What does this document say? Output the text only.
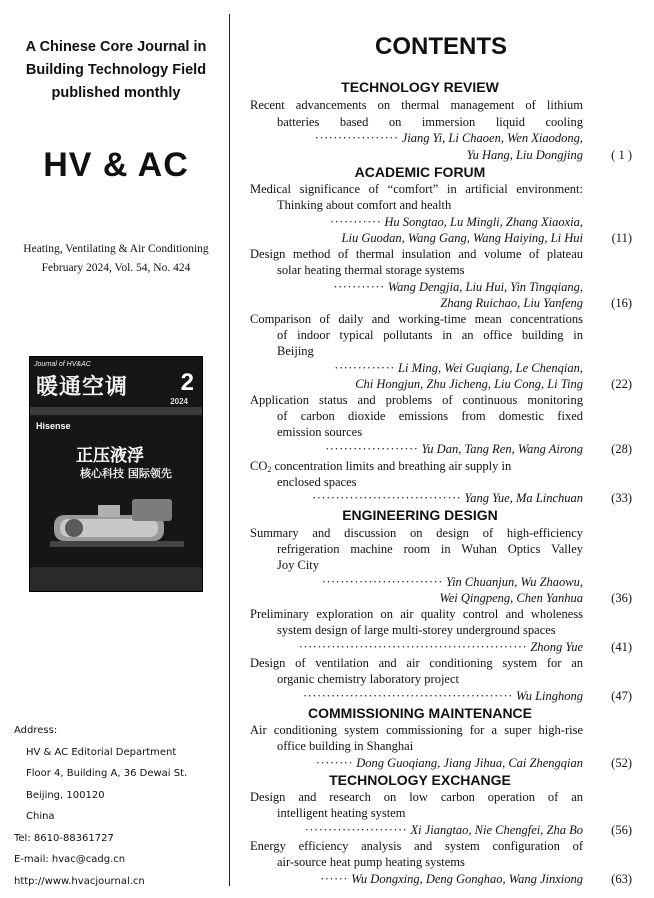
A Chinese Core Journal in
Building Technology Field
published monthly
HV & AC
Heating, Ventilating & Air Conditioning
February 2024, Vol. 54, No. 424
Journal of HV&AC
暖通空调 2
2024
Hisense
正压液浮
核心科技 国际领先
Address:
HV & AC Editorial Department
Floor 4, Building A, 36 Dewai St.
Beijing, 100120
China
Tel: 8610-88361727
E-mail: hvac@cadg.cn
http://www.hvacjournal.cn
CONTENTS
TECHNOLOGY REVIEW
Recent advancements on thermal management of lithium
batteries based on immersion liquid cooling
·················· Jiang Yi, Li Chaoen, Wen Xiaodong,
Yu Hang, Liu Dongjing ( 1 )
ACADEMIC FORUM
Medical significance of “comfort” in artificial environment:
Thinking about comfort and health
··········· Hu Songtao, Lu Mingli, Zhang Xiaoxia,
Liu Guodan, Wang Gang, Wang Haiying, Li Hui (11)
Design method of thermal insulation and volume of plateau
solar heating thermal storage systems
··········· Wang Dengjia, Liu Hui, Yin Tingqiang,
Zhang Ruichao, Liu Yanfeng (16)
Comparison of daily and working-time mean concentrations
of indoor typical pollutants in an office building in
Beijing
············· Li Ming, Wei Guqiang, Le Chenqian,
Chi Hongjun, Zhu Jicheng, Liu Cong, Li Ting (22)
Application status and problems of continuous monitoring
of carbon dioxide emissions from domestic fixed
emission sources
···················· Yu Dan, Tang Ren, Wang Airong (28)
$CO_2$ concentration limits and breathing air supply in
enclosed spaces
································ Yang Yue, Ma Linchuan (33)
ENGINEERING DESIGN
Summary and discussion on design of high-efficiency
refrigeration machine room in Wuhan Optics Valley
Joy City
·························· Yin Chuanjun, Wu Zhaowu,
Wei Qingpeng, Chen Yanhua (36)
Preliminary exploration on air quality control and wholeness
system design of large multi-storey underground spaces
················································· Zhong Yue (41)
Design of ventilation and air conditioning system for an
organic chemistry laboratory project
············································· Wu Linghong (47)
COMMISSIONING MAINTENANCE
Air conditioning system commissioning for a super high-rise
office building in Shanghai
········ Dong Guoqiang, Jiang Jihua, Cai Zhengqian (52)
TECHNOLOGY EXCHANGE
Design and research on low carbon operation of an
intelligent heating system
······················ Xi Jiangtao, Nie Chengfei, Zha Bo (56)
Energy efficiency analysis and system configuration of
air-source heat pump heating systems
······ Wu Dongxing, Deng Gonghao, Wang Jinxiong (63)
